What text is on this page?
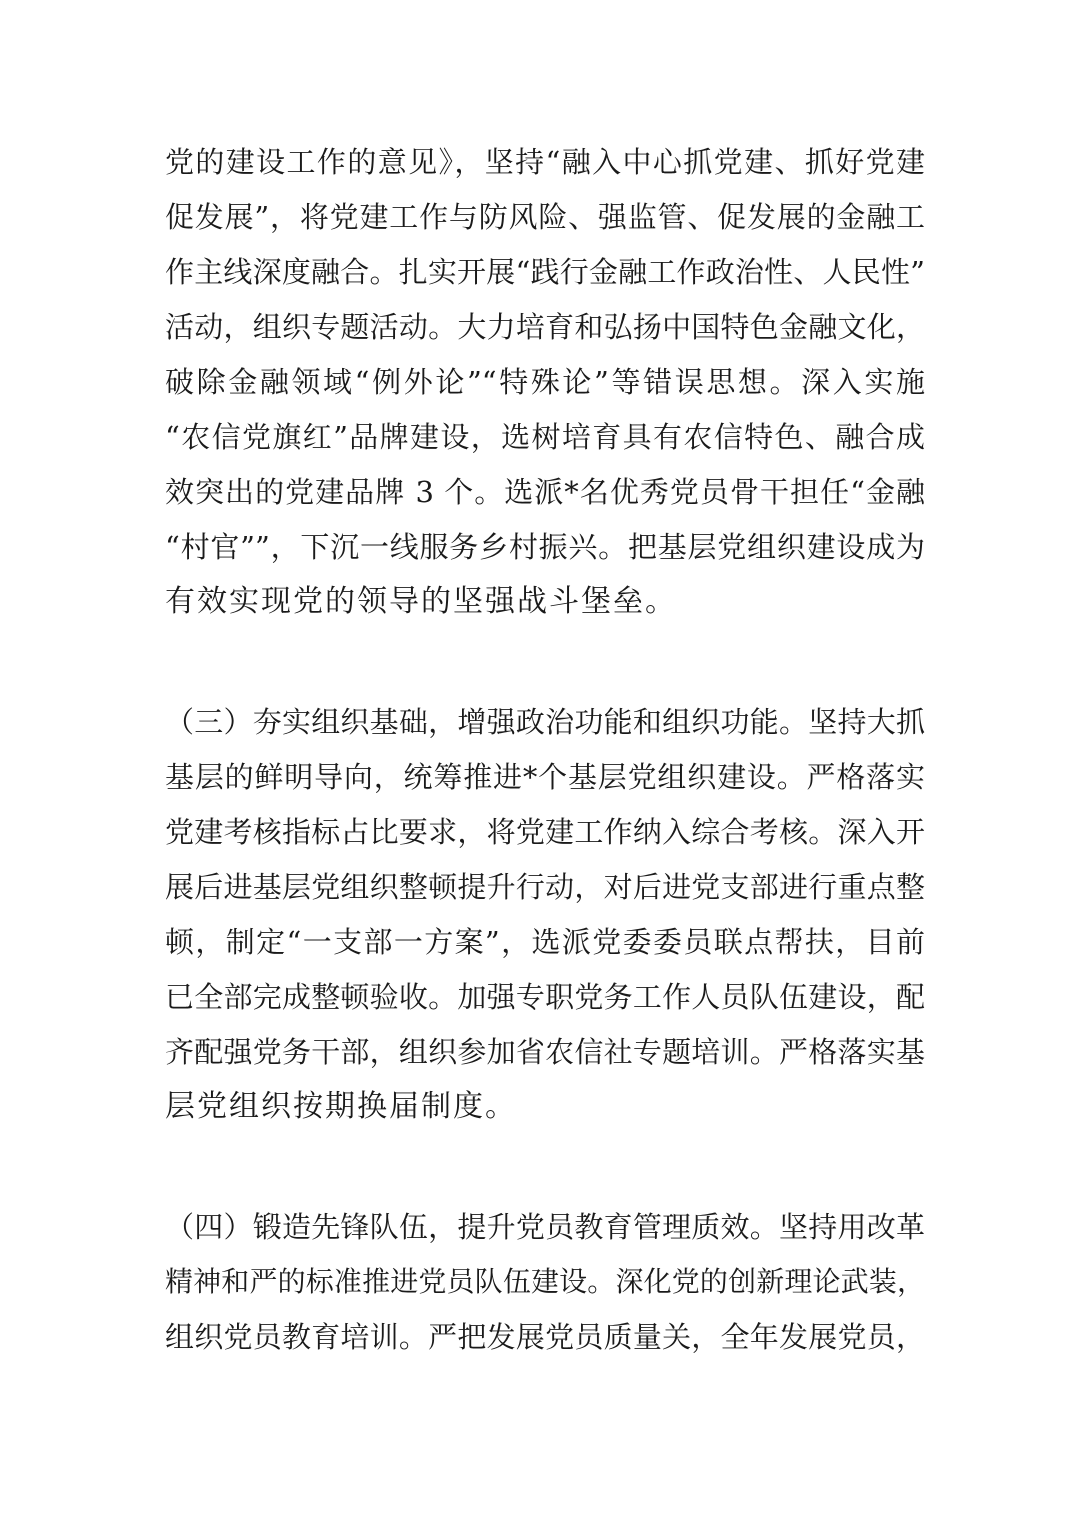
党的建设工作的意见》，坚持“融入中心抓党建、抓好党建
促发展”，将党建工作与防风险、强监管、促发展的金融工
作主线深度融合。扎实开展“践行金融工作政治性、人民性”
活动，组织专题活动。大力培育和弘扬中国特色金融文化，
破除金融领域“例外论”“特殊论”等错误思想。深入实施
“农信党旗红”品牌建设，选树培育具有农信特色、融合成
效突出的党建品牌 3 个。选派*名优秀党员骨干担任“金融
“村官””，下沉一线服务乡村振兴。把基层党组织建设成为
有效实现党的领导的坚强战斗堡垒。
（三）夯实组织基础，增强政治功能和组织功能。坚持大抓
基层的鲜明导向，统筹推进*个基层党组织建设。严格落实
党建考核指标占比要求，将党建工作纳入综合考核。深入开
展后进基层党组织整顿提升行动，对后进党支部进行重点整
顿，制定“一支部一方案”，选派党委委员联点帮扶，目前
已全部完成整顿验收。加强专职党务工作人员队伍建设，配
齐配强党务干部，组织参加省农信社专题培训。严格落实基
层党组织按期换届制度。
（四）锻造先锋队伍，提升党员教育管理质效。坚持用改革
精神和严的标准推进党员队伍建设。深化党的创新理论武装，
组织党员教育培训。严把发展党员质量关，全年发展党员，
